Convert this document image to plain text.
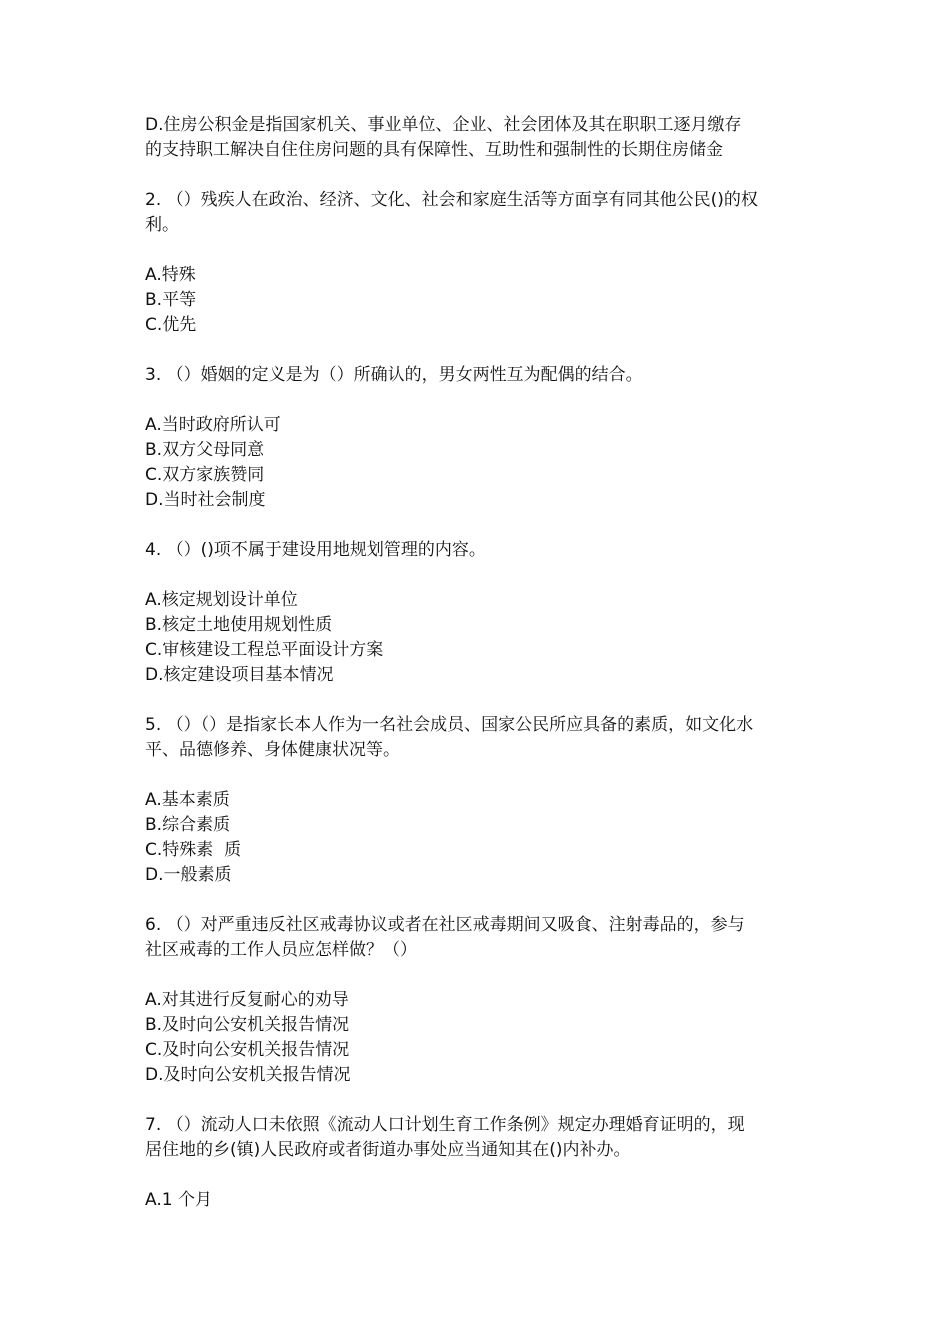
D.住房公积金是指国家机关、事业单位、企业、社会团体及其在职职工逐月缴存
的支持职工解决自住住房问题的具有保障性、互助性和强制性的长期住房储金
2. （）残疾人在政治、经济、文化、社会和家庭生活等方面享有同其他公民()的权
利。
A.特殊
B.平等
C.优先
3. （）婚姻的定义是为（）所确认的，男女两性互为配偶的结合。
A.当时政府所认可
B.双方父母同意
C.双方家族赞同
D.当时社会制度
4. （）()项不属于建设用地规划管理的内容。
A.核定规划设计单位
B.核定土地使用规划性质
C.审核建设工程总平面设计方案
D.核定建设项目基本情况
5. （）（）是指家长本人作为一名社会成员、国家公民所应具备的素质，如文化水
平、品德修养、身体健康状况等。
A.基本素质
B.综合素质
C.特殊素  质
D.一般素质
6. （）对严重违反社区戒毒协议或者在社区戒毒期间又吸食、注射毒品的，参与
社区戒毒的工作人员应怎样做？（）
A.对其进行反复耐心的劝导
B.及时向公安机关报告情况
C.及时向公安机关报告情况
D.及时向公安机关报告情况
7. （）流动人口未依照《流动人口计划生育工作条例》规定办理婚育证明的，现
居住地的乡(镇)人民政府或者街道办事处应当通知其在()内补办。
A.1 个月
